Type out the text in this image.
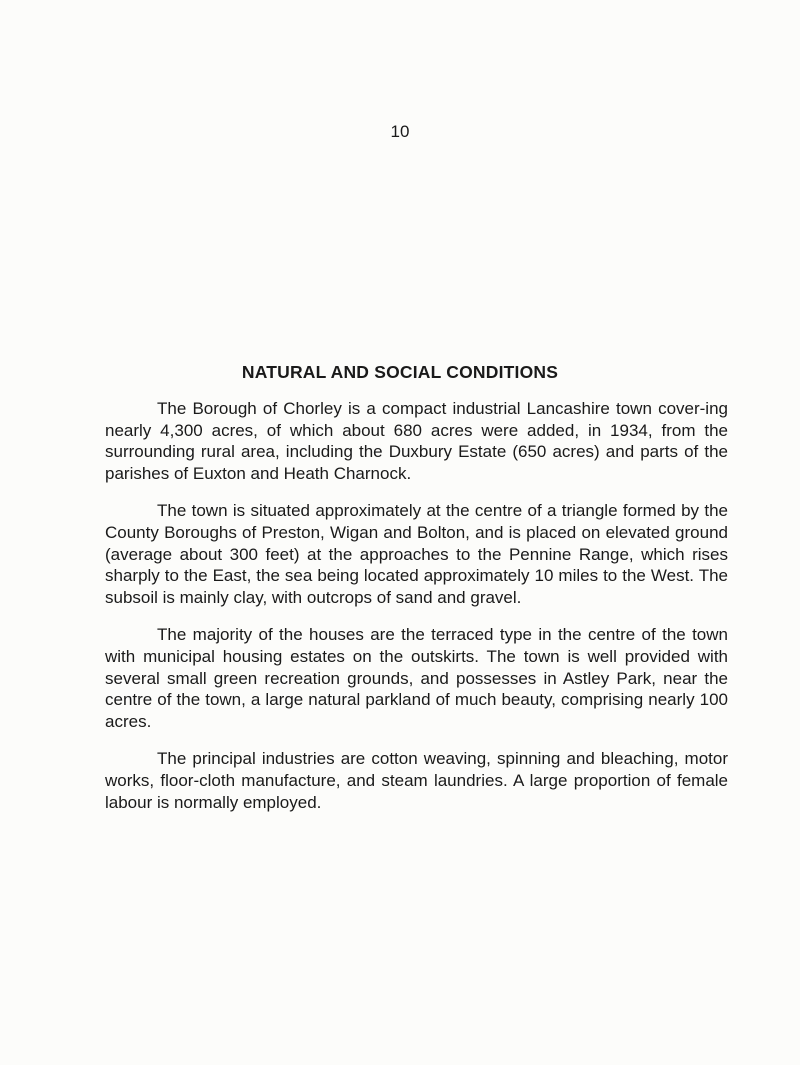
10
NATURAL AND SOCIAL CONDITIONS

The Borough of Chorley is a compact industrial Lancashire town cover-ing nearly 4,300 acres, of which about 680 acres were added, in 1934, from the surrounding rural area, including the Duxbury Estate (650 acres) and parts of the parishes of Euxton and Heath Charnock.

The town is situated approximately at the centre of a triangle formed by the County Boroughs of Preston, Wigan and Bolton, and is placed on elevated ground (average about 300 feet) at the approaches to the Pennine Range, which rises sharply to the East, the sea being located approximately 10 miles to the West. The subsoil is mainly clay, with outcrops of sand and gravel.

The majority of the houses are the terraced type in the centre of the town with municipal housing estates on the outskirts. The town is well provided with several small green recreation grounds, and possesses in Astley Park, near the centre of the town, a large natural parkland of much beauty, comprising nearly 100 acres.

The principal industries are cotton weaving, spinning and bleaching, motor works, floor-cloth manufacture, and steam laundries. A large proportion of female labour is normally employed.
